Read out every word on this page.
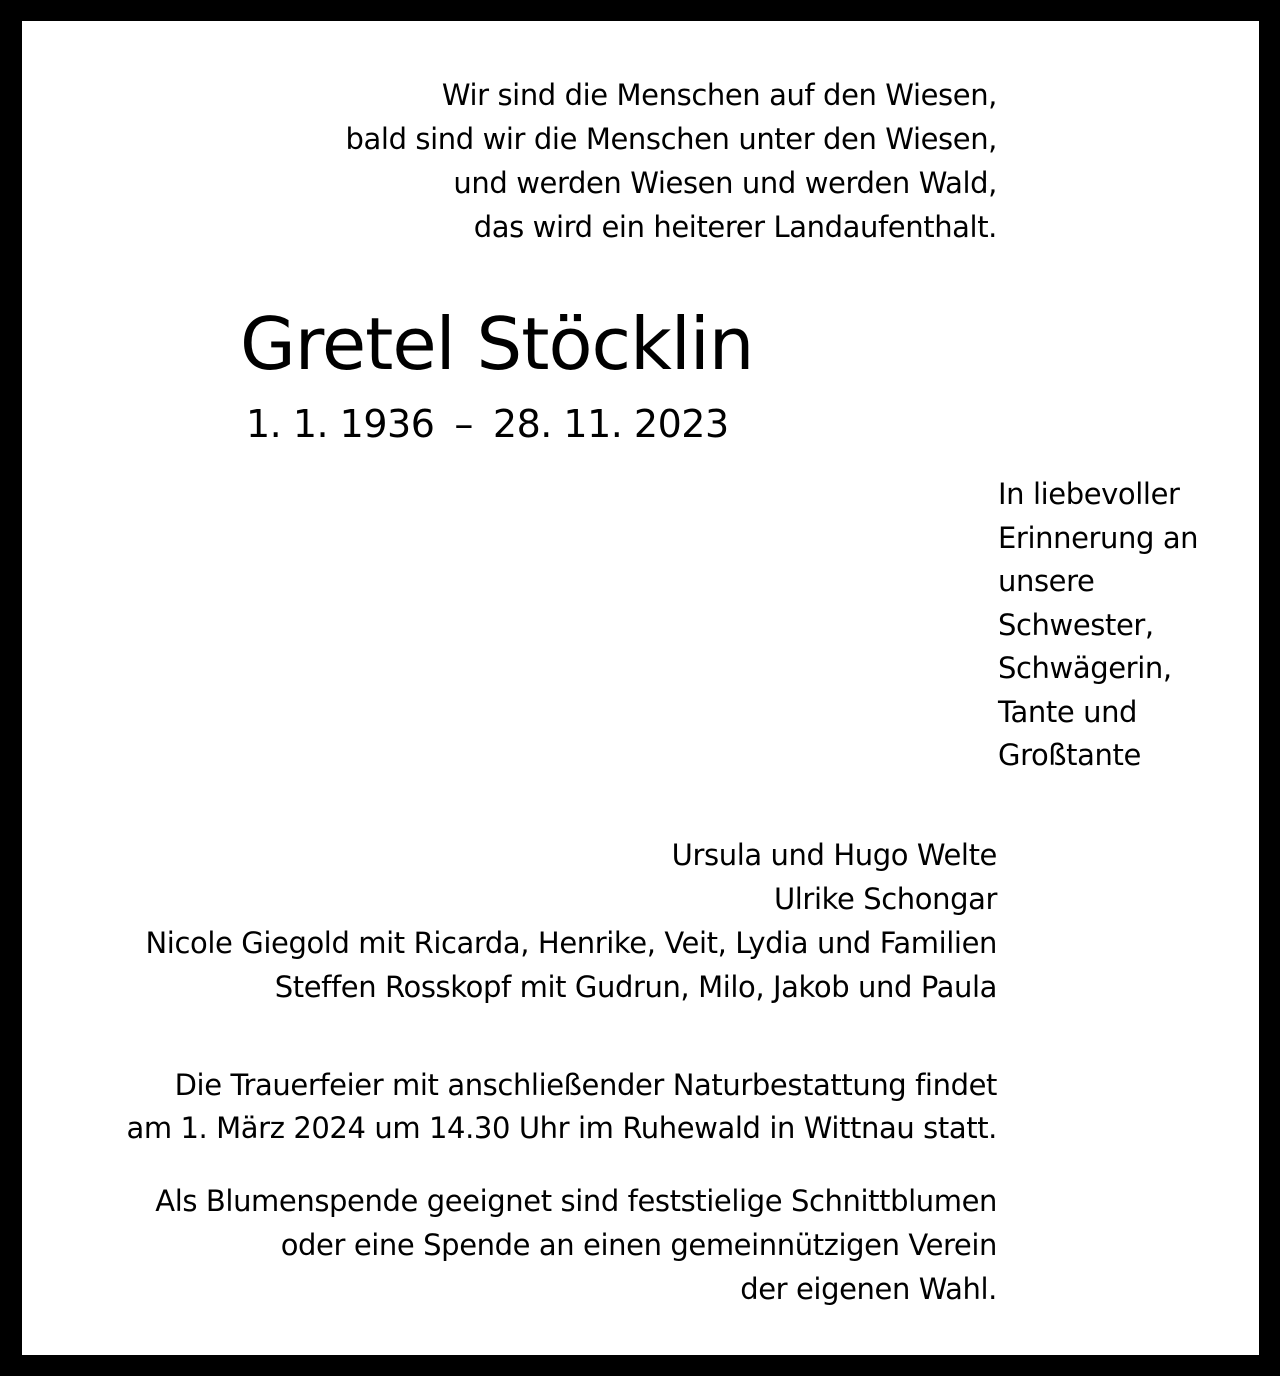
Wir sind die Menschen auf den Wiesen,
bald sind wir die Menschen unter den Wiesen,
und werden Wiesen und werden Wald,
das wird ein heiterer Landaufenthalt.
Gretel Stöcklin
1. 1. 1936 – 28. 11. 2023
In liebevoller
Erinnerung an
unsere
Schwester,
Schwägerin,
Tante und
Großtante
Ursula und Hugo Welte
Ulrike Schongar
Nicole Giegold mit Ricarda, Henrike, Veit, Lydia und Familien
Steffen Rosskopf mit Gudrun, Milo, Jakob und Paula
Die Trauerfeier mit anschließender Naturbestattung findet
am 1. März 2024 um 14.30 Uhr im Ruhewald in Wittnau statt.
Als Blumenspende geeignet sind feststielige Schnittblumen
oder eine Spende an einen gemeinnützigen Verein
der eigenen Wahl.
